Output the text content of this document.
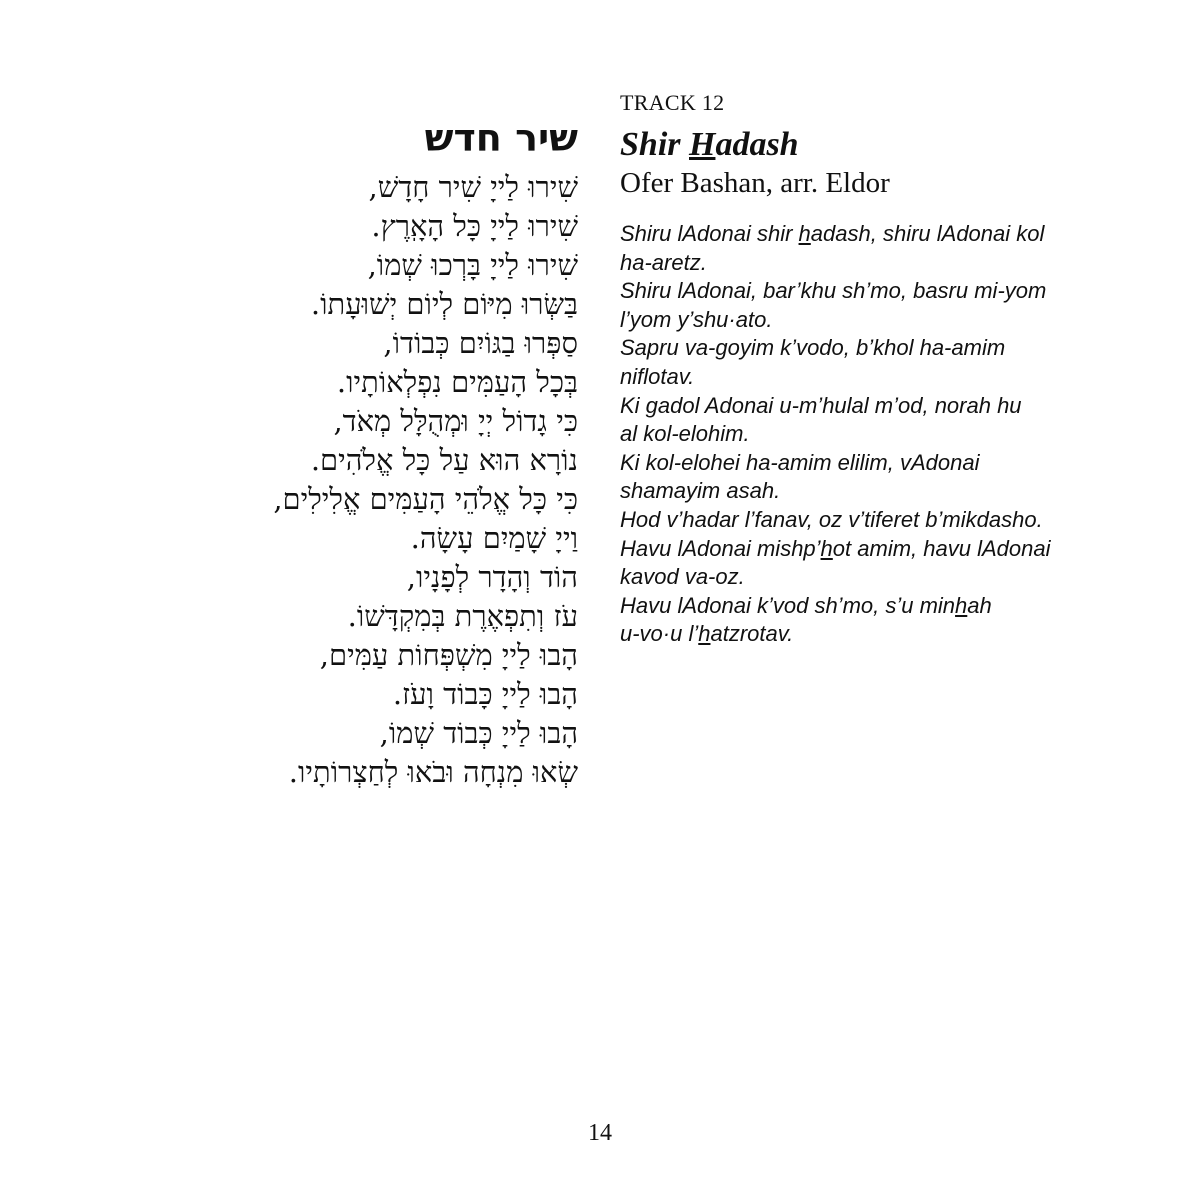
שיר חדש
שִׁירוּ לַייָ שִׁיר חָדָשׁ,
שִׁירוּ לַייָ כָּל הָאָֽרֶץ.
שִׁירוּ לַייָ בָּרְכוּ שְׁמוֹ,
בַּשְּׂרוּ מִיּוֹם לְיוֹם יְשׁוּעָתוֹ.
סַפְּרוּ בַגּוֹיִם כְּבוֹדוֹ,
בְּכָל הָעַמִּים נִפְלְאוֹתָיו.
כִּי גָדוֹל יְיָ וּמְהֻלָּל מְאֹד,
נוֹרָא הוּא עַל כָּל אֱלֹהִים.
כִּי כָּל אֱלֹהֵי הָעַמִּים אֱלִילִים,
וַייָ שָׁמַיִם עָשָׂה.
הוֹד וְהָדָר לְפָנָיו,
עֹז וְתִפְאֶרֶת בְּמִקְדָּשׁוֹ.
הָבוּ לַייָ מִשְׁפְּחוֹת עַמִּים,
הָבוּ לַייָ כָּבוֹד וָעֹז.
הָבוּ לַייָ כְּבוֹד שְׁמוֹ,
שְׂאוּ מִנְחָה וּבֹאוּ לְחַצְרוֹתָיו.
TRACK 12
Shir Hadash
Ofer Bashan, arr. Eldor
Shiru lAdonai shir hadash, shiru lAdonai kol
ha-aretz.
Shiru lAdonai, bar’khu sh’mo, basru mi-yom
l’yom y’shu·ato.
Sapru va-goyim k’vodo, b’khol ha-amim
niflotav.
Ki gadol Adonai u-m’hulal m’od, norah hu
al kol-elohim.
Ki kol-elohei ha-amim elilim, vAdonai
shamayim asah.
Hod v’hadar l’fanav, oz v’tiferet b’mikdasho.
Havu lAdonai mishp’hot amim, havu lAdonai
kavod va-oz.
Havu lAdonai k’vod sh’mo, s’u minhah
u-vo·u l’hatzrotav.
14
